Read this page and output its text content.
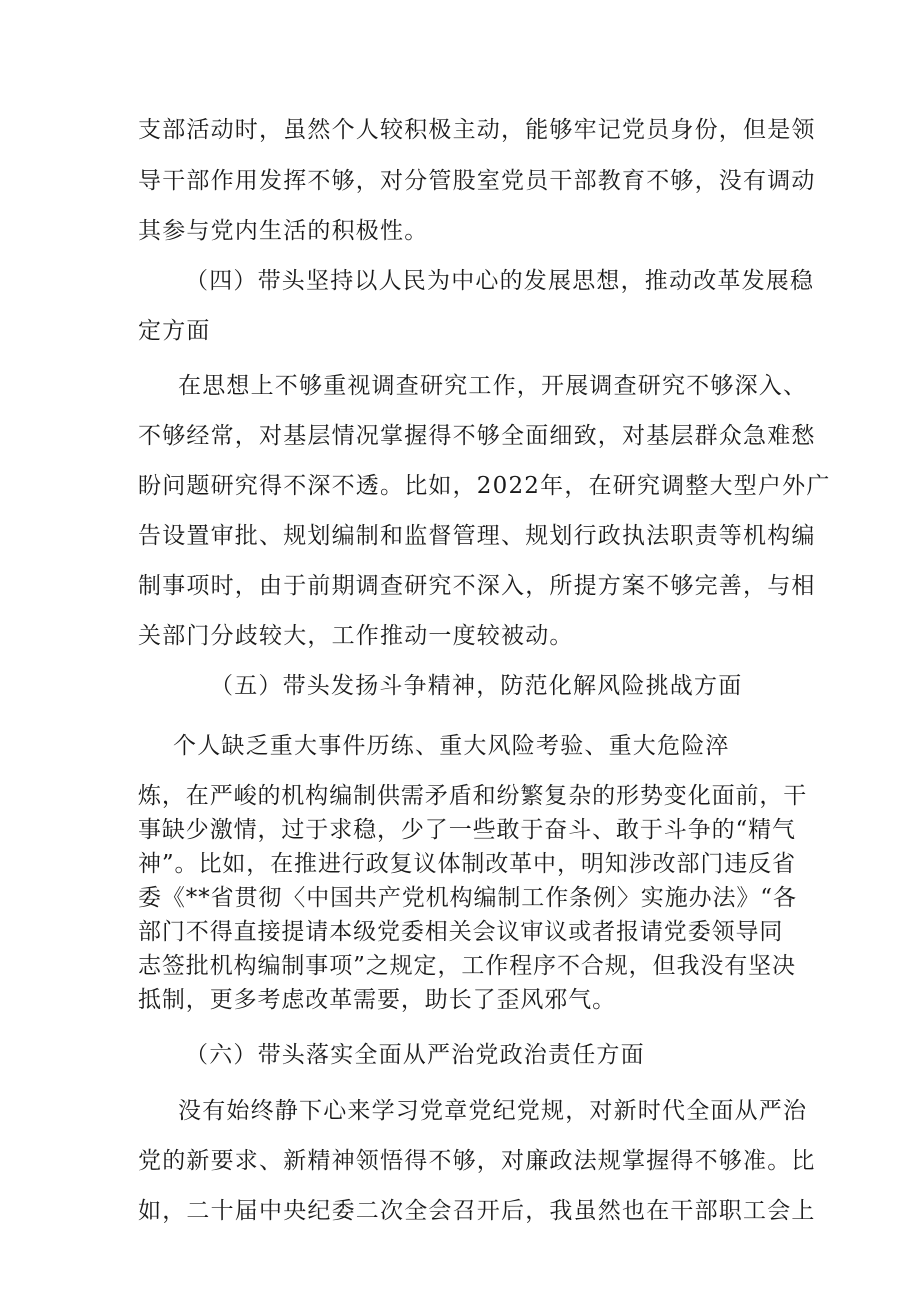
支部活动时，虽然个人较积极主动，能够牢记党员身份，但是领
导干部作用发挥不够，对分管股室党员干部教育不够，没有调动
其参与党内生活的积极性。
（四）带头坚持以人民为中心的发展思想，推动改革发展稳
定方面
在思想上不够重视调查研究工作，开展调查研究不够深入、
不够经常，对基层情况掌握得不够全面细致，对基层群众急难愁
盼问题研究得不深不透。比如，2022年，在研究调整大型户外广
告设置审批、规划编制和监督管理、规划行政执法职责等机构编
制事项时，由于前期调查研究不深入，所提方案不够完善，与相
关部门分歧较大，工作推动一度较被动。
（五）带头发扬斗争精神，防范化解风险挑战方面
个人缺乏重大事件历练、重大风险考验、重大危险淬
炼，在严峻的机构编制供需矛盾和纷繁复杂的形势变化面前，干
事缺少激情，过于求稳，少了一些敢于奋斗、敢于斗争的“精气
神”。比如，在推进行政复议体制改革中，明知涉改部门违反省
委《**省贯彻〈中国共产党机构编制工作条例〉实施办法》“各
部门不得直接提请本级党委相关会议审议或者报请党委领导同
志签批机构编制事项”之规定，工作程序不合规，但我没有坚决
抵制，更多考虑改革需要，助长了歪风邪气。
（六）带头落实全面从严治党政治责任方面
没有始终静下心来学习党章党纪党规，对新时代全面从严治
党的新要求、新精神领悟得不够，对廉政法规掌握得不够准。比
如，二十届中央纪委二次全会召开后，我虽然也在干部职工会上
